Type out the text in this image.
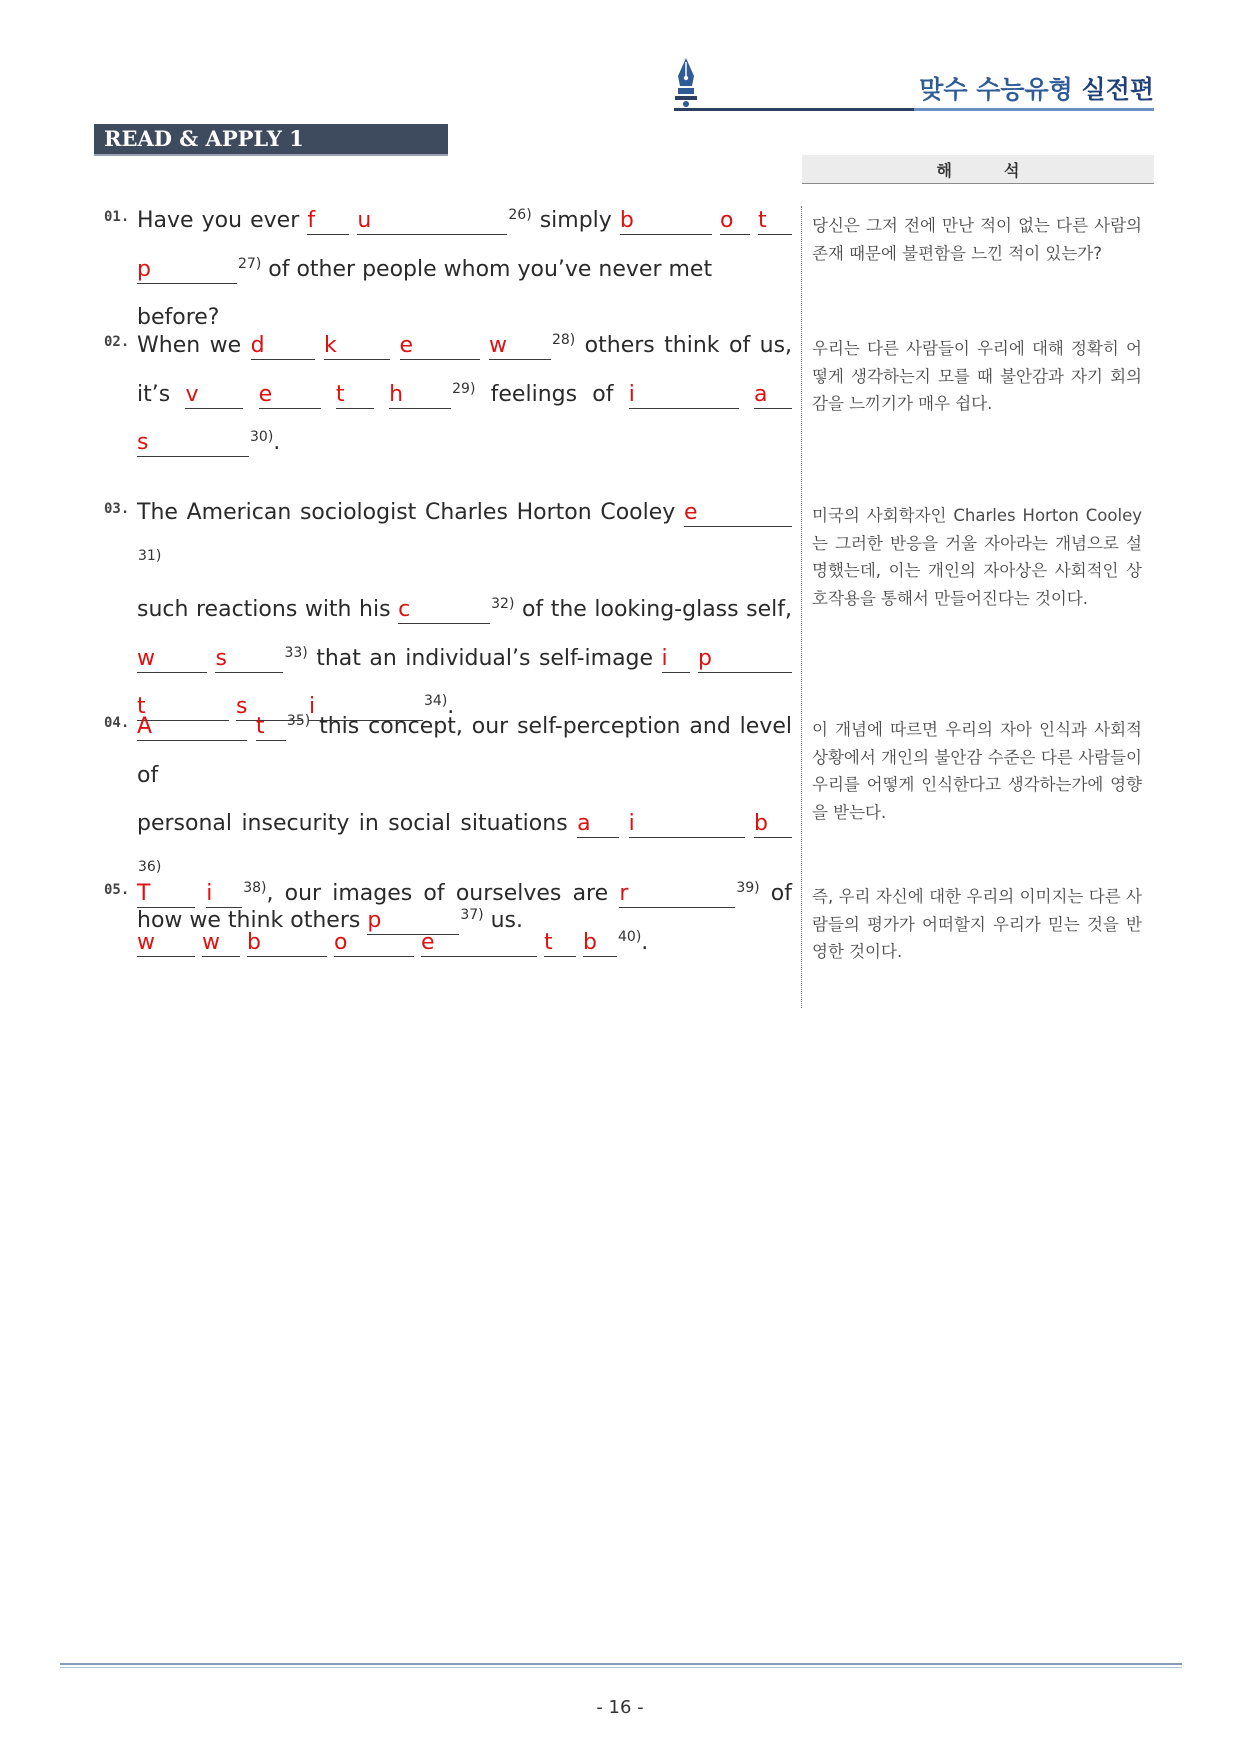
맞수 수능유형 실전편
READ & APPLY 1
해	석
01. Have you ever f u	$^{26)}$ simply b	o t
p	$^{27)}$ of other people whom you’ve never met before?
당신은 그저 전에 만난 적이 없는 다른 사람의 존재 때문에 불편함을 느낀 적이 있는가?
02. When we d	k	e	w	$^{28)}$ others think of us,
it’s v	e	t h	$^{29)}$ feelings of i	a
s	$^{30)}$.
우리는 다른 사람들이 우리에 대해 정확히 어떻게 생각하는지 모를 때 불안감과 자기 회의감을 느끼기가 매우 쉽다.
03. The American sociologist Charles Horton Cooley $e^{31)}$
such reactions with his c	$^{32)}$ of the looking-glass self,
w	s	$^{33)}$ that an individual’s self-image i p
t	s	i	$^{34)}$.
미국의 사회학자인 Charles Horton Cooley는 그러한 반응을 거울 자아라는 개념으로 설명했는데, 이는 개인의 자아상은 사회적인 상호작용을 통해서 만들어진다는 것이다.
04. A	t $^{35)}$ this concept, our self-perception and level of
personal insecurity in social situations a i	$b^{36)}$
how we think others p	$^{37)}$ us.
이 개념에 따르면 우리의 자아 인식과 사회적 상황에서 개인의 불안감 수준은 다른 사람들이 우리를 어떻게 인식한다고 생각하는가에 영향을 받는다.
05. T	i $^{38)}$, our images of ourselves are r	$^{39)}$ of
w w b	o	e	t b $^{40)}$.
즉, 우리 자신에 대한 우리의 이미지는 다른 사람들의 평가가 어떠할지 우리가 믿는 것을 반영한 것이다.
- 16 -
